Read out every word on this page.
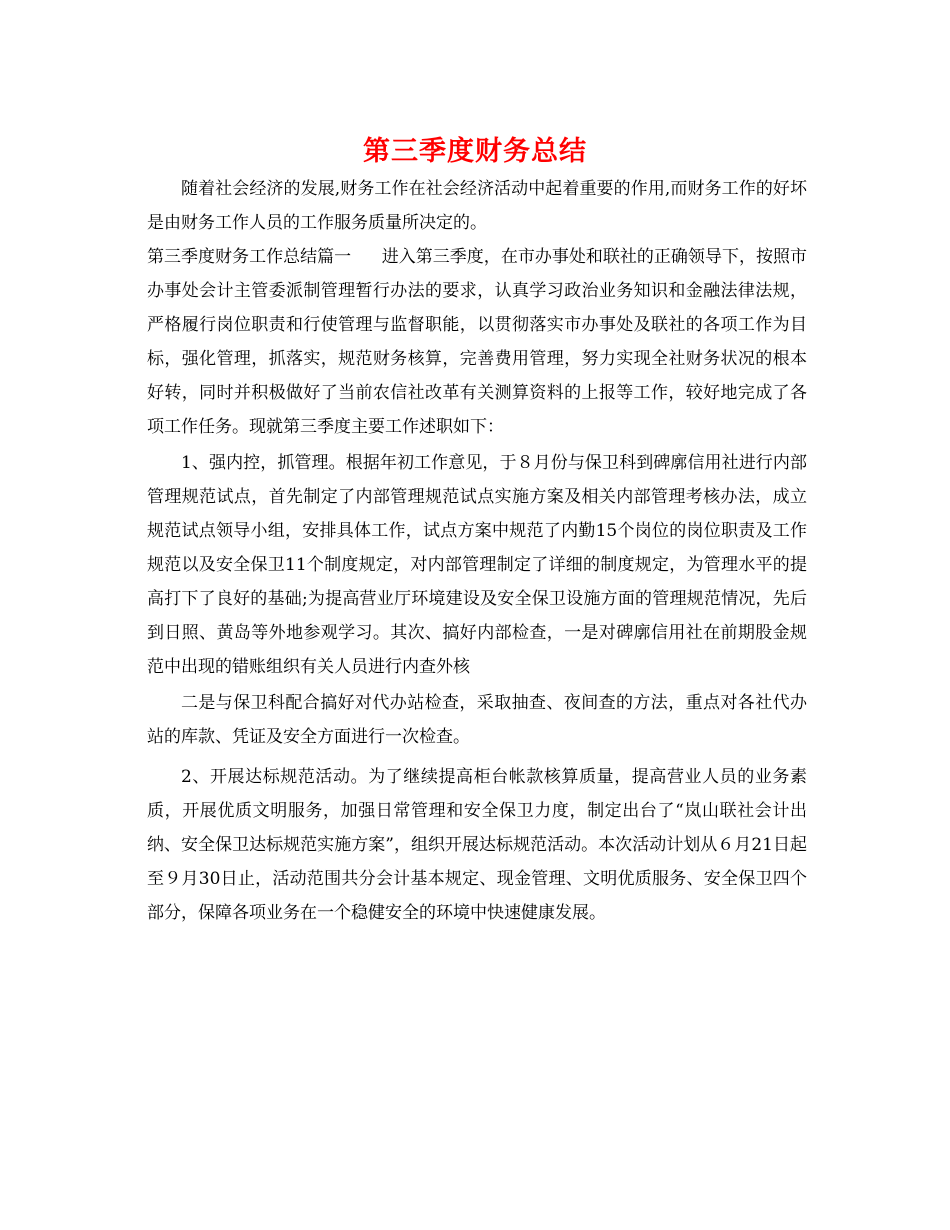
第三季度财务总结

随着社会经济的发展,财务工作在社会经济活动中起着重要的作用,而财务工作的好坏是由财务工作人员的工作服务质量所决定的。

第三季度财务工作总结篇一 进入第三季度，在市办事处和联社的正确领导下，按照市办事处会计主管委派制管理暂行办法的要求，认真学习政治业务知识和金融法律法规，严格履行岗位职责和行使管理与监督职能，以贯彻落实市办事处及联社的各项工作为目标，强化管理，抓落实，规范财务核算，完善费用管理，努力实现全社财务状况的根本好转，同时并积极做好了当前农信社改革有关测算资料的上报等工作，较好地完成了各项工作任务。现就第三季度主要工作述职如下：

1、强内控，抓管理。根据年初工作意见，于８月份与保卫科到碑廓信用社进行内部管理规范试点，首先制定了内部管理规范试点实施方案及相关内部管理考核办法，成立规范试点领导小组，安排具体工作，试点方案中规范了内勤15个岗位的岗位职责及工作规范以及安全保卫11个制度规定，对内部管理制定了详细的制度规定，为管理水平的提高打下了良好的基础;为提高营业厅环境建设及安全保卫设施方面的管理规范情况，先后到日照、黄岛等外地参观学习。其次、搞好内部检查，一是对碑廓信用社在前期股金规范中出现的错账组织有关人员进行内查外核

二是与保卫科配合搞好对代办站检查，采取抽查、夜间查的方法，重点对各社代办站的库款、凭证及安全方面进行一次检查。

2、开展达标规范活动。为了继续提高柜台帐款核算质量，提高营业人员的业务素质，开展优质文明服务，加强日常管理和安全保卫力度，制定出台了“岚山联社会计出纳、安全保卫达标规范实施方案”，组织开展达标规范活动。本次活动计划从６月21日起至９月30日止，活动范围共分会计基本规定、现金管理、文明优质服务、安全保卫四个部分，保障各项业务在一个稳健安全的环境中快速健康发展。
